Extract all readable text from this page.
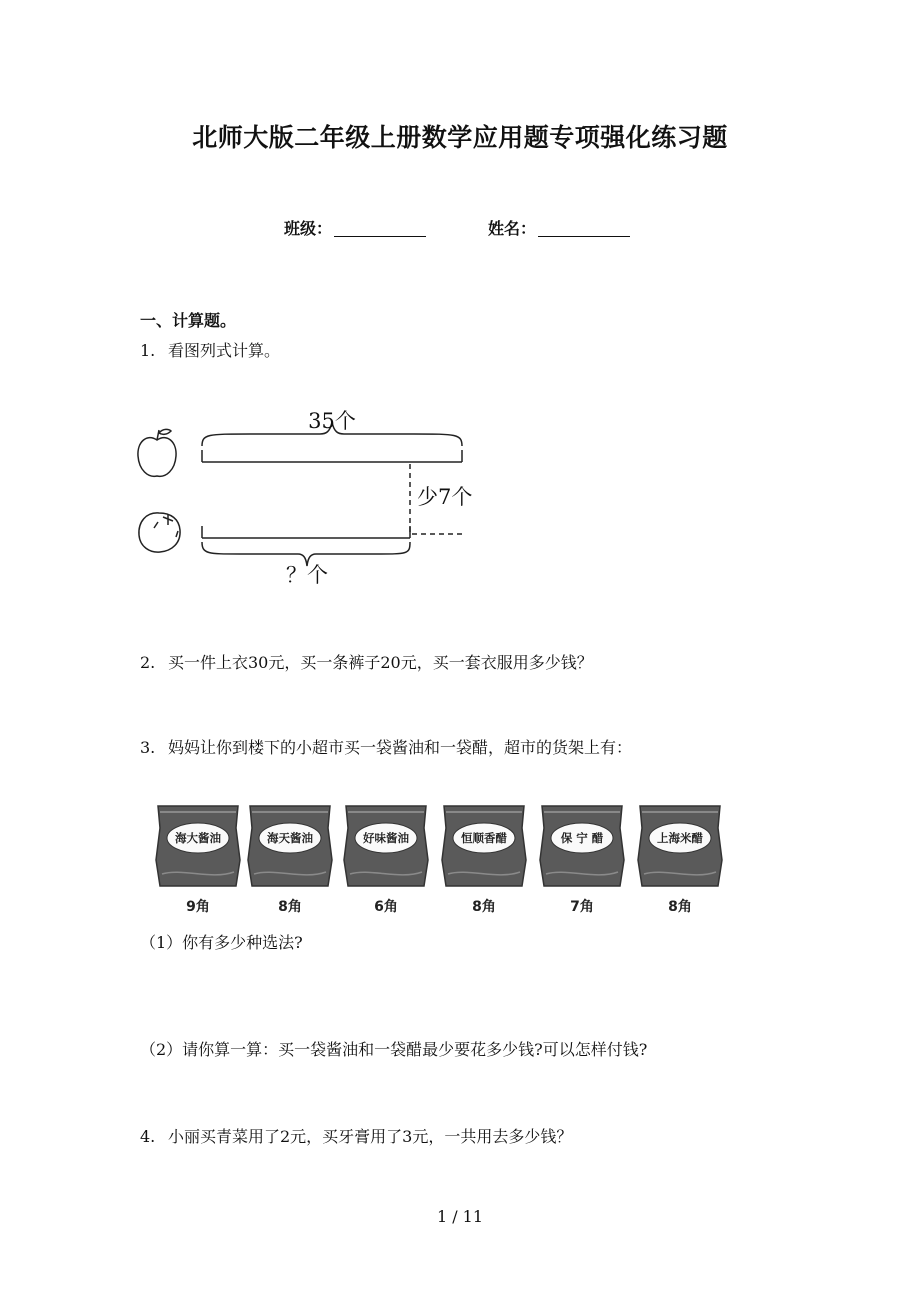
北师大版二年级上册数学应用题专项强化练习题
班级：	姓名：
一、计算题。
1. 看图列式计算。
35个
少7个
？个
2. 买一件上衣30元，买一条裤子20元，买一套衣服用多少钱？
3. 妈妈让你到楼下的小超市买一袋酱油和一袋醋，超市的货架上有：
海大酱油
9角
海天酱油
8角
好味酱油
6角
恒顺香醋
8角
保 宁 醋
7角
上海米醋
8角
（1）你有多少种选法?
（2）请你算一算：买一袋酱油和一袋醋最少要花多少钱?可以怎样付钱?
4. 小丽买青菜用了2元，买牙膏用了3元，一共用去多少钱？
1 / 11
